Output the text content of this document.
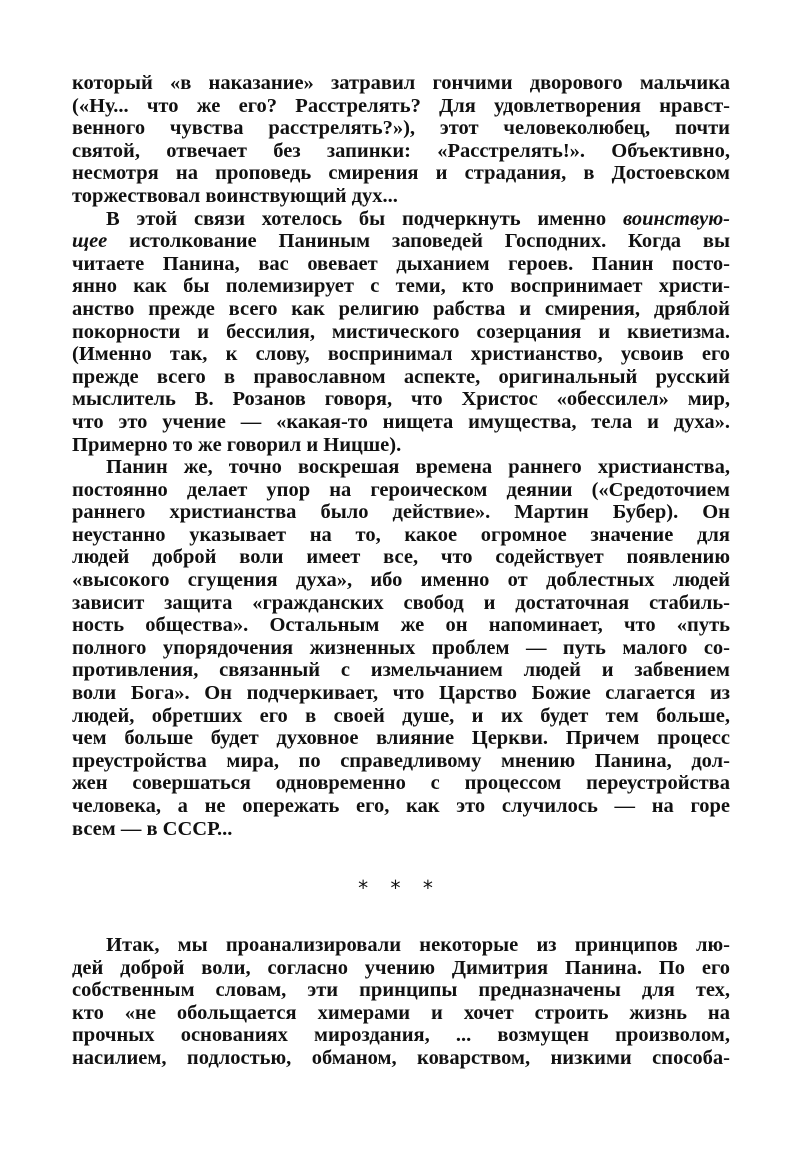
который «в наказание» затравил гончими дворового мальчика
(«Ну... что же его? Расстрелять? Для удовлетворения нравст-
венного чувства расстрелять?»), этот человеколюбец, почти
святой, отвечает без запинки: «Расстрелять!». Объективно,
несмотря на проповедь смирения и страдания, в Достоевском
торжествовал воинствующий дух...
В этой связи хотелось бы подчеркнуть именно воинствую-
щее истолкование Паниным заповедей Господних. Когда вы
читаете Панина, вас овевает дыханием героев. Панин посто-
янно как бы полемизирует с теми, кто воспринимает христи-
анство прежде всего как религию рабства и смирения, дряблой
покорности и бессилия, мистического созерцания и квиетизма.
(Именно так, к слову, воспринимал христианство, усвоив его
прежде всего в православном аспекте, оригинальный русский
мыслитель В. Розанов говоря, что Христос «обессилел» мир,
что это учение — «какая-то нищета имущества, тела и духа».
Примерно то же говорил и Ницше).
Панин же, точно воскрешая времена раннего христианства,
постоянно делает упор на героическом деянии («Средоточием
раннего христианства было действие». Мартин Бубер). Он
неустанно указывает на то, какое огромное значение для
людей доброй воли имеет все, что содействует появлению
«высокого сгущения духа», ибо именно от доблестных людей
зависит защита «гражданских свобод и достаточная стабиль-
ность общества». Остальным же он напоминает, что «путь
полного упорядочения жизненных проблем — путь малого со-
противления, связанный с измельчанием людей и забвением
воли Бога». Он подчеркивает, что Царство Божие слагается из
людей, обретших его в своей душе, и их будет тем больше,
чем больше будет духовное влияние Церкви. Причем процесс
преустройства мира, по справедливому мнению Панина, дол-
жен совершаться одновременно с процессом переустройства
человека, а не опережать его, как это случилось — на горе
всем — в СССР...
* * *
Итак, мы проанализировали некоторые из принципов лю-
дей доброй воли, согласно учению Димитрия Панина. По его
собственным словам, эти принципы предназначены для тех,
кто «не обольщается химерами и хочет строить жизнь на
прочных основаниях мироздания, ... возмущен произволом,
насилием, подлостью, обманом, коварством, низкими способа-
